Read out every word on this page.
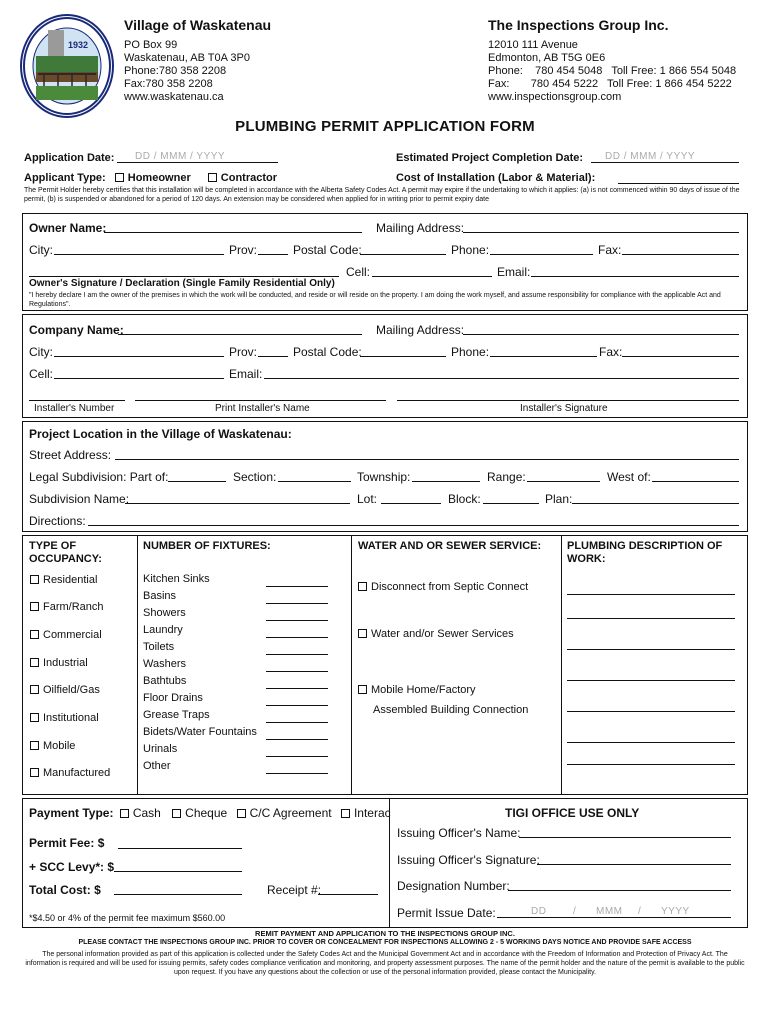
1932
Village of Waskatenau
PO Box 99
Waskatenau, AB T0A 3P0
Phone:780 358 2208
Fax:780 358 2208
www.waskatenau.ca
The Inspections Group Inc.
12010 111 Avenue
Edmonton, AB T5G 0E6
Phone:    780 454 5048   Toll Free: 1 866 554 5048
Fax:       780 454 5222   Toll Free: 1 866 454 5222
www.inspectionsgroup.com
PLUMBING PERMIT APPLICATION FORM
Application Date: DD / MMM / YYYY	Estimated Project Completion Date: DD / MMM / YYYY
Applicant Type: Homeowner	Contractor	Cost of Installation (Labor & Material):
The Permit Holder hereby certifies that this installation will be completed in accordance with the Alberta Safety Codes Act. A permit may expire if the undertaking to which it applies: (a) is not commenced within 90 days of issue of the permit, (b) is suspended or abandoned for a period of 120 days. An extension may be considered when applied for in writing prior to permit expiry date
Owner Name:	Mailing Address:
City:	Prov:	Postal Code:	Phone:	Fax:
Cell:	Email:
Owner's Signature / Declaration (Single Family Residential Only)
"I hereby declare I am the owner of the premises in which the work will be conducted, and reside or will reside on the property. I am doing the work myself, and assume responsibility for compliance with the applicable Act and Regulations".
Company Name:	Mailing Address:
City:	Prov:	Postal Code:	Phone:	Fax:
Cell:	Email:
Installer's Number	Print Installer's Name	Installer's Signature
Project Location in the Village of Waskatenau:
Street Address:
Legal Subdivision: Part of:	Section:	Township:	Range:	West of:
Subdivision Name:	Lot:	Block:	Plan:
Directions:
TYPE OF OCCUPANCY:
Residential
Farm/Ranch
Commercial
Industrial
Oilfield/Gas
Institutional
Mobile
Manufactured
NUMBER OF FIXTURES:
Kitchen Sinks
Basins
Showers
Laundry
Toilets
Washers
Bathtubs
Floor Drains
Grease Traps
Bidets/Water Fountains
Urinals
Other
WATER AND OR SEWER SERVICE:
Disconnect from Septic Connect
Water and/or Sewer Services
Mobile Home/Factory
Assembled Building Connection
PLUMBING DESCRIPTION OF WORK:
Payment Type: Cash Cheque C/C Agreement Interac
Permit Fee: $
+ SCC Levy*: $
Total Cost: $	Receipt #:
*$4.50 or 4% of the permit fee maximum $560.00
TIGI OFFICE USE ONLY
Issuing Officer's Name:
Issuing Officer's Signature:
Designation Number:
Permit Issue Date:	DD	/ MMM / YYYY
REMIT PAYMENT AND APPLICATION TO THE INSPECTIONS GROUP INC.
PLEASE CONTACT THE INSPECTIONS GROUP INC. PRIOR TO COVER OR CONCEALMENT FOR INSPECTIONS ALLOWING 2 - 5 WORKING DAYS NOTICE AND PROVIDE SAFE ACCESS
The personal information provided as part of this application is collected under the Safety Codes Act and the Municipal Government Act and in accordance with the Freedom of Information and Protection of Privacy Act. The information is required and will be used for issuing permits, safety codes compliance verification and monitoring, and property assessment purposes. The name of the permit holder and the nature of the permit is available to the public upon request. If you have any questions about the collection or use of the personal information provided, please contact the Municipality.
